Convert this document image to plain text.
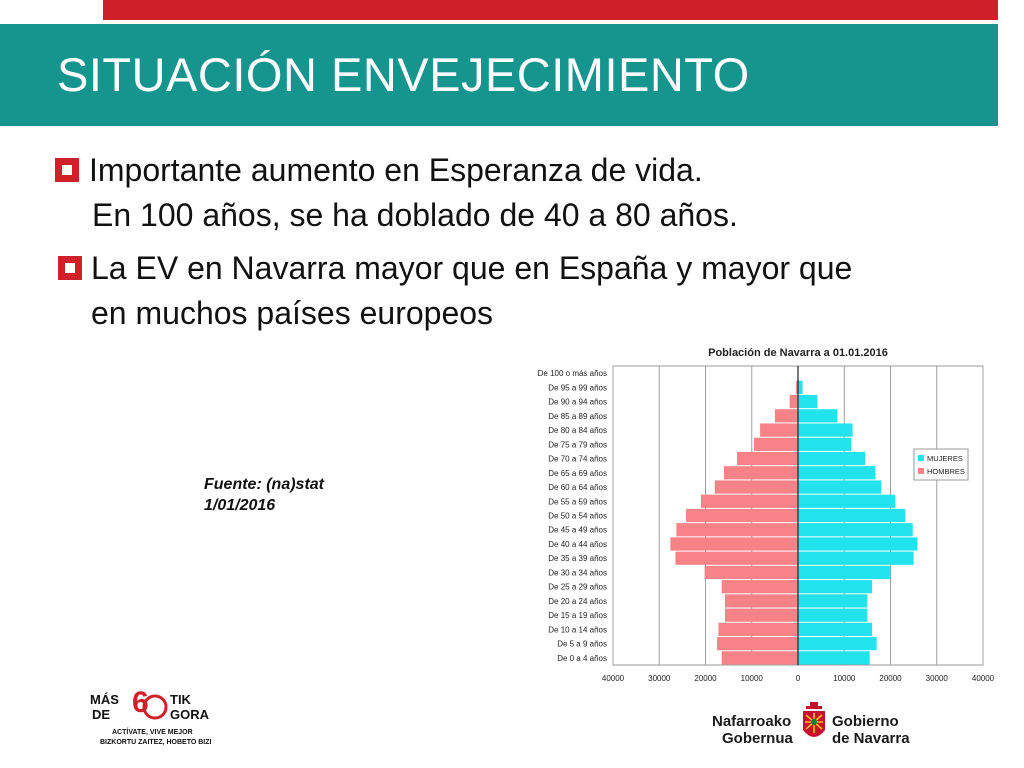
SITUACIÓN ENVEJECIMIENTO
Importante aumento en Esperanza de vida.
En 100 años, se ha doblado de 40 a 80 años.
La EV en Navarra mayor que en España y mayor que
en muchos países europeos
Fuente: (na)stat
1/01/2016
40000	30000	20000	10000	0	10000	20000	30000	40000
De 0 a 4 años
De 5 a 9 años
De 10 a 14 años
De 15 a 19 años
De 20 a 24 años
De 25 a 29 años
De 30 a 34 años
De 35 a 39 años
De 40 a 44 años
De 45 a 49 años
De 50 a 54 años
De 55 a 59 años
De 60 a 64 años
De 65 a 69 años
De 70 a 74 años
De 75 a 79 años
De 80 a 84 años
De 85 a 89 años
De 90 a 94 años
De 95 a 99 años
De 100 o más años
Población de Navarra a 01.01.2016
MUJERES
HOMBRES
MÁS
DE 6 TIK
GORA
ACTÍVATE, VIVE MEJOR
BIZKORTU ZAITEZ, HOBETO BIZI
Nafarroako
Gobernua
Gobierno
de Navarra
